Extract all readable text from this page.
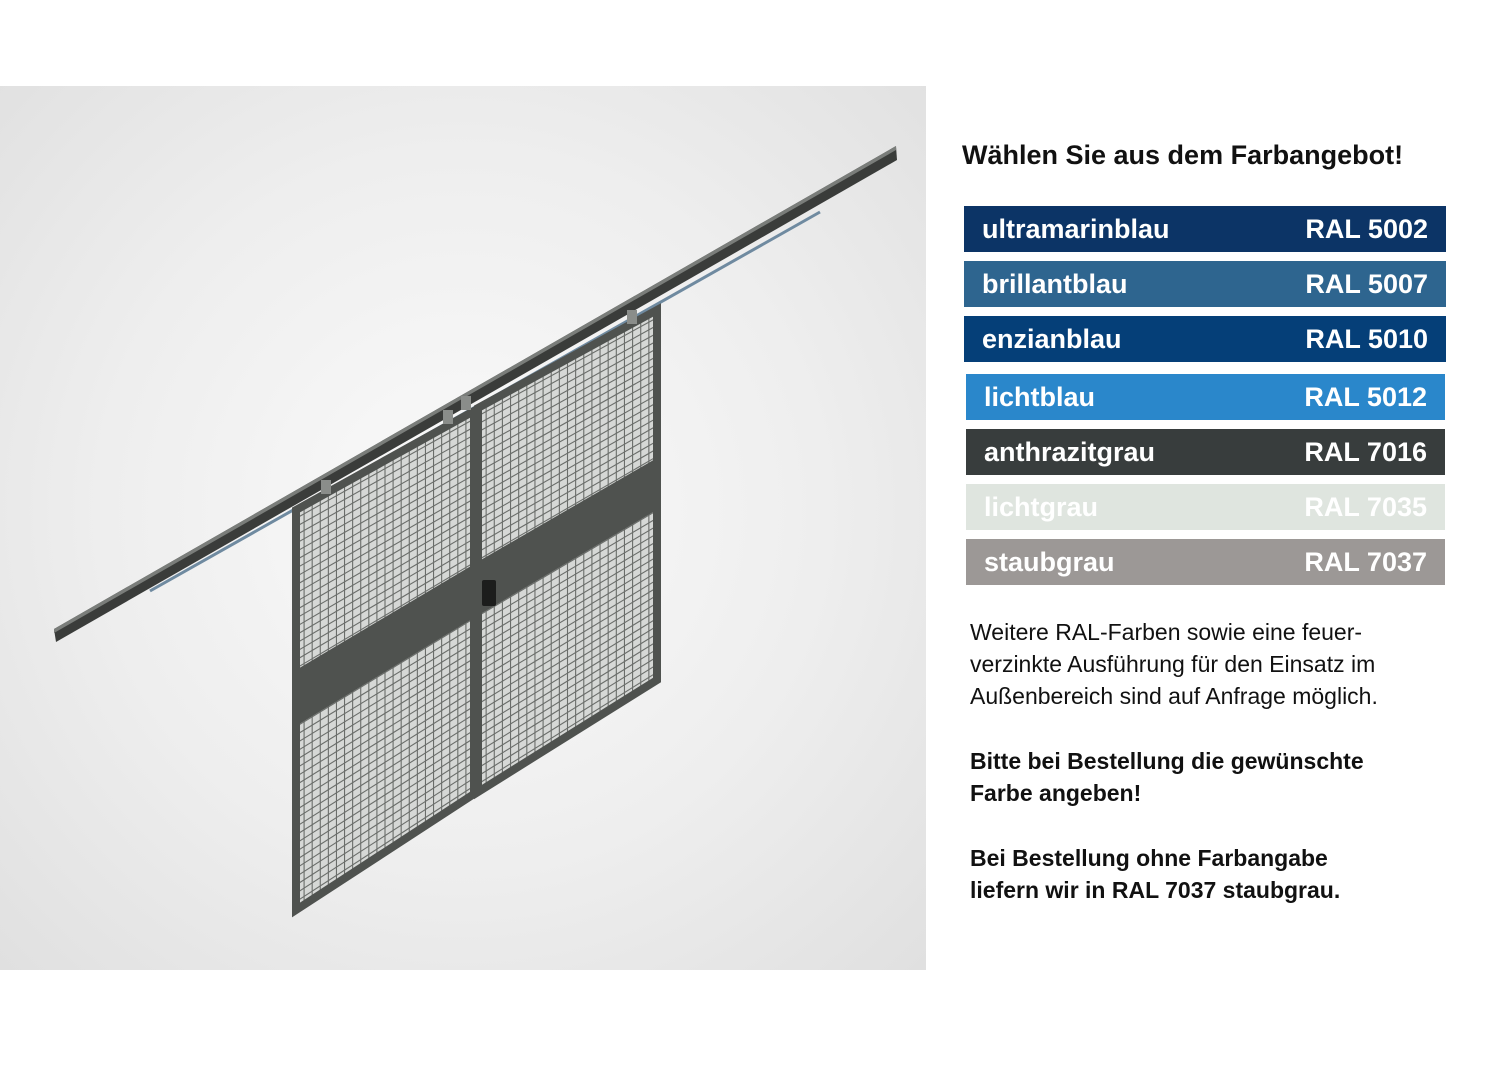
Wählen Sie aus dem Farbangebot!
ultramarinblau	RAL 5002
brillantblau	RAL 5007
enzianblau	RAL 5010
lichtblau	RAL 5012
anthrazitgrau	RAL 7016
lichtgrau	RAL 7035
staubgrau	RAL 7037
Weitere RAL-Farben sowie eine feuer-
verzinkte Ausführung für den Einsatz im
Außenbereich sind auf Anfrage möglich.
Bitte bei Bestellung die gewünschte
Farbe angeben!
Bei Bestellung ohne Farbangabe
liefern wir in RAL 7037 staubgrau.
